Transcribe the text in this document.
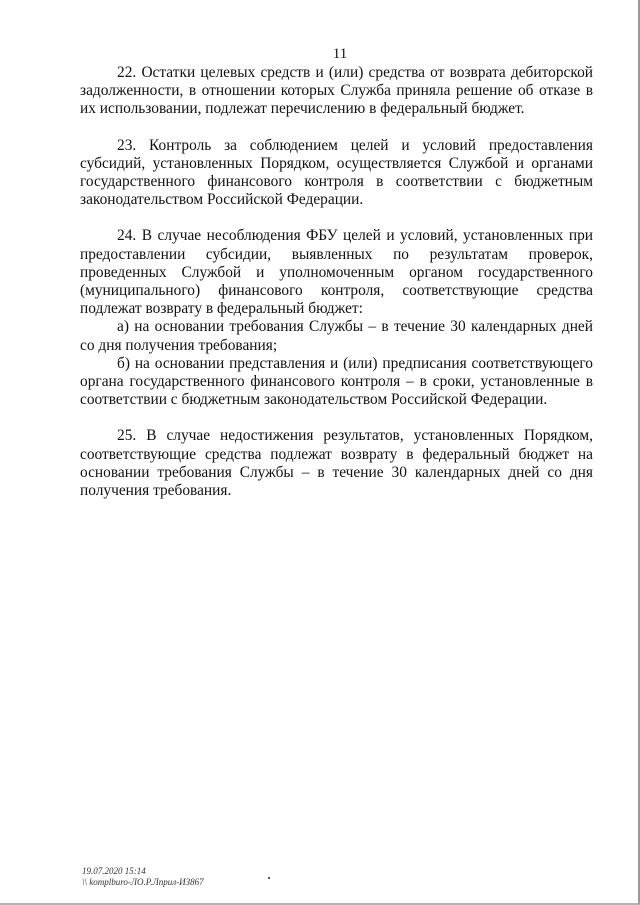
11

22. Остатки целевых средств и (или) средства от возврата дебиторской задолженности, в отношении которых Служба приняла решение об отказе в их использовании, подлежат перечислению в федеральный бюджет.

23. Контроль за соблюдением целей и условий предоставления субсидий, установленных Порядком, осуществляется Службой и органами государственного финансового контроля в соответствии с бюджетным законодательством Российской Федерации.

24. В случае несоблюдения ФБУ целей и условий, установленных при предоставлении субсидии, выявленных по результатам проверок, проведенных Службой и уполномоченным органом государственного (муниципального) финансового контроля, соответствующие средства подлежат возврату в федеральный бюджет:

а) на основании требования Службы – в течение 30 календарных дней со дня получения требования;

б) на основании представления и (или) предписания соответствующего органа государственного финансового контроля – в сроки, установленные в соответствии с бюджетным законодательством Российской Федерации.

25. В случае недостижения результатов, установленных Порядком, соответствующие средства подлежат возврату в федеральный бюджет на основании требования Службы – в течение 30 календарных дней со дня получения требования.

19.07.2020 15:14
\\ komplburo-ЛО.Р.Лприл-ИЗ867
